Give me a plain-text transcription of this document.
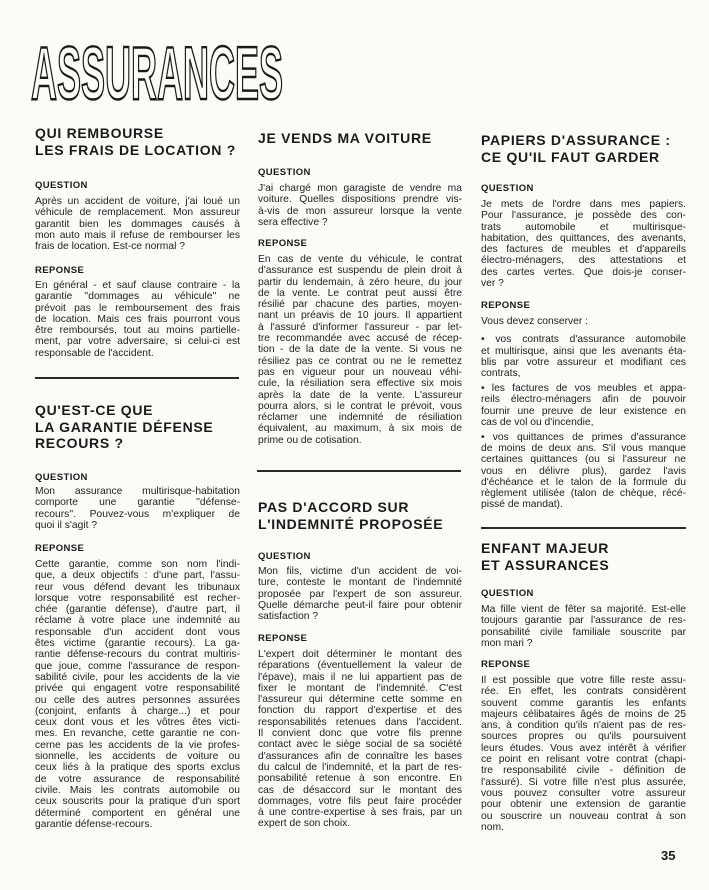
ASSURANCES
QUI REMBOURSE
LES FRAIS DE LOCATION ?
QUESTION
Après un accident de voiture, j'ai loué un
véhicule de remplacement. Mon assureur
garantit bien les dommages causés à
mon auto mais il refuse de rembourser les
frais de location. Est-ce normal ?
REPONSE
En général - et sauf clause contraire - la
garantie ''dommages au véhicule'' ne
prévoit pas le remboursement des frais
de location. Mais ces frais pourront vous
être remboursés, tout au moins partielle-
ment, par votre adversaire, si celui-ci est
responsable de l'accident.
QU'EST-CE QUE
LA GARANTIE DÉFENSE
RECOURS ?
QUESTION
Mon assurance multirisque-habitation
comporte une garantie ''défense-
recours''. Pouvez-vous m'expliquer de
quoi il s'agit ?
REPONSE
Cette garantie, comme son nom l'indi-
que, a deux objectifs : d'une part, l'assu-
reur vous défend devant les tribunaux
lorsque votre responsabilité est recher-
chée (garantie défense), d'autre part, il
réclame à votre place une indemnité au
responsable d'un accident dont vous
êtes victime (garantie recours). La ga-
rantie défense-recours du contrat multiris-
que joue, comme l'assurance de respon-
sabilité civile, pour les accidents de la vie
privée qui engagent votre responsabilité
ou celle des autres personnes assurées
(conjoint, enfants à charge...) et pour
ceux dont vous et les vôtres êtes victi-
mes. En revanche, cette garantie ne con-
cerne pas les accidents de la vie profes-
sionnelle, les accidents de voiture ou
ceux liés à la pratique des sports exclus
de votre assurance de responsabilité
civile. Mais les contrats automobile ou
ceux souscrits pour la pratique d'un sport
déterminé comportent en général une
garantie défense-recours.
JE VENDS MA VOITURE
QUESTION
J'ai chargé mon garagiste de vendre ma
voiture. Quelles dispositions prendre vis-
à-vis de mon assureur lorsque la vente
sera effective ?
REPONSE
En cas de vente du véhicule, le contrat
d'assurance est suspendu de plein droit à
partir du lendemain, à zéro heure, du jour
de la vente. Le contrat peut aussi être
résilié par chacune des parties, moyen-
nant un préavis de 10 jours. Il appartient
à l'assuré d'informer l'assureur - par let-
tre recommandée avec accusé de récep-
tion - de la date de la vente. Si vous ne
résiliez pas ce contrat ou ne le remettez
pas en vigueur pour un nouveau véhi-
cule, la résiliation sera effective six mois
après la date de la vente. L'assureur
pourra alors, si le contrat le prévoit, vous
réclamer une indemnité de résiliation
équivalent, au maximum, à six mois de
prime ou de cotisation.
PAS D'ACCORD SUR
L'INDEMNITÉ PROPOSÉE
QUESTION
Mon fils, victime d'un accident de voi-
ture, conteste le montant de l'indemnité
proposée par l'expert de son assureur.
Quelle démarche peut-il faire pour obtenir
satisfaction ?
REPONSE
L'expert doit déterminer le montant des
réparations (éventuellement la valeur de
l'épave), mais il ne lui appartient pas de
fixer le montant de l'indemnité. C'est
l'assureur qui détermine cette somme en
fonction du rapport d'expertise et des
responsabilités retenues dans l'accident.
Il convient donc que votre fils prenne
contact avec le siège social de sa société
d'assurances afin de connaître les bases
du calcul de l'indemnité, et la part de res-
ponsabilité retenue à son encontre. En
cas de désaccord sur le montant des
dommages, votre fils peut faire procéder
à une contre-expertise à ses frais, par un
expert de son choix.
PAPIERS D'ASSURANCE :
CE QU'IL FAUT GARDER
QUESTION
Je mets de l'ordre dans mes papiers.
Pour l'assurance, je possède des con-
trats automobile et multirisque-
habitation, des quittances, des avenants,
des factures de meubles et d'appareils
électro-ménagers, des attestations et
des cartes vertes. Que dois-je conser-
ver ?
REPONSE
Vous devez conserver :
• vos contrats d'assurance automobile
et multirisque, ainsi que les avenants éta-
blis par votre assureur et modifiant ces
contrats,
• les factures de vos meubles et appa-
reils électro-ménagers afin de pouvoir
fournir une preuve de leur existence en
cas de vol ou d'incendie,
• vos quittances de primes d'assurance
de moins de deux ans. S'il vous manque
certaines quittances (ou si l'assureur ne
vous en délivre plus), gardez l'avis
d'échéance et le talon de la formule du
règlement utilisée (talon de chèque, récé-
pissé de mandat).
ENFANT MAJEUR
ET ASSURANCES
QUESTION
Ma fille vient de fêter sa majorité. Est-elle
toujours garantie par l'assurance de res-
ponsabilité civile familiale souscrite par
mon mari ?
REPONSE
Il est possible que votre fille reste assu-
rée. En effet, les contrats considèrent
souvent comme garantis les enfants
majeurs célibataires âgés de moins de 25
ans, à condition qu'ils n'aient pas de res-
sources propres ou qu'ils poursuivent
leurs études. Vous avez intérêt à vérifier
ce point en relisant votre contrat (chapi-
tre responsabilité civile - définition de
l'assuré). Si votre fille n'est plus assurée,
vous pouvez consulter votre assureur
pour obtenir une extension de garantie
ou souscrire un nouveau contrat à son
nom.
35
